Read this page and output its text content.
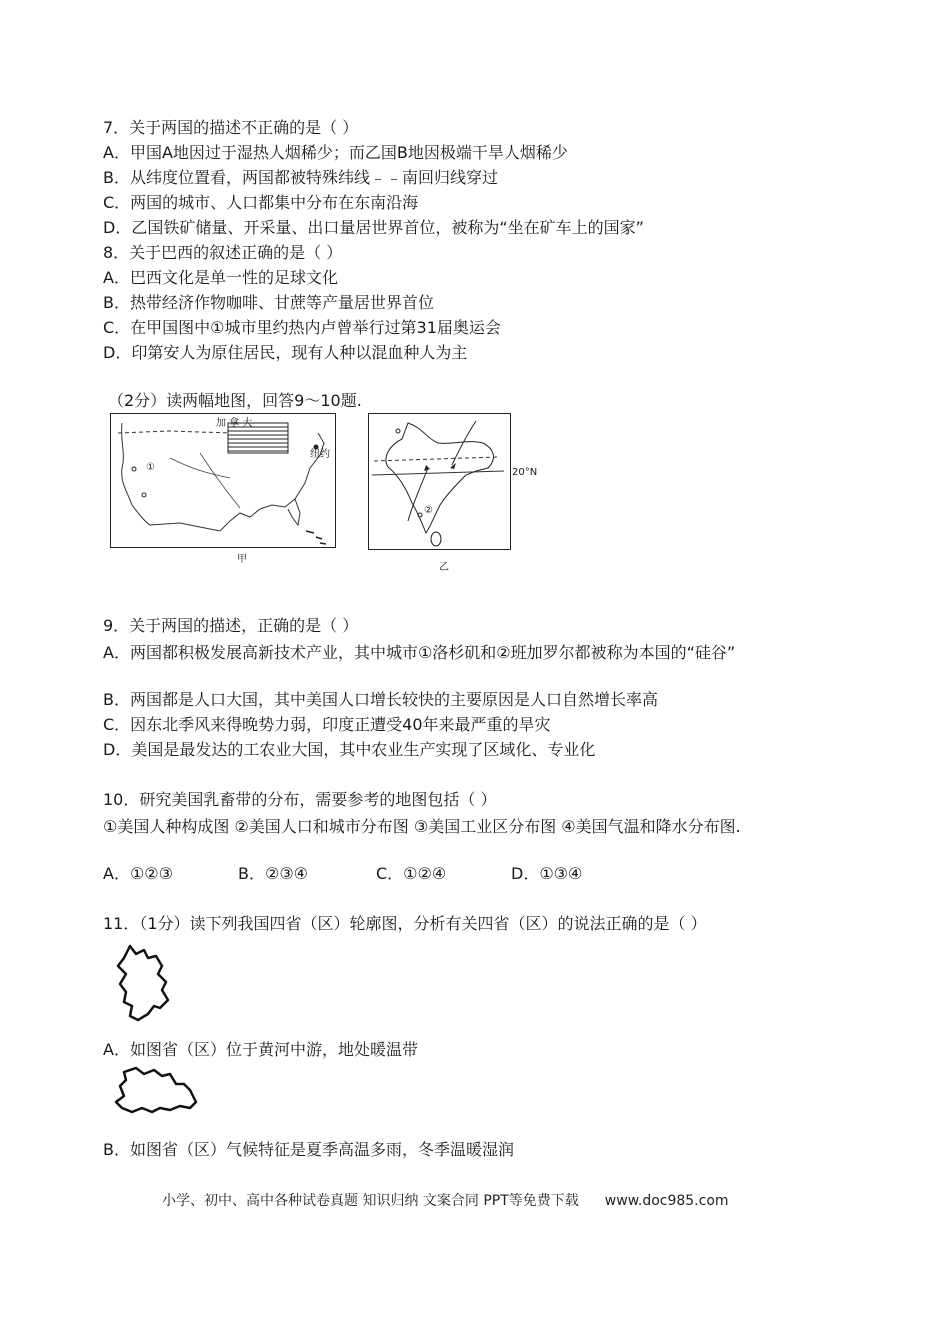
7．关于两国的描述不正确的是（ ）
A．甲国A地因过于湿热人烟稀少；而乙国B地因极端干旱人烟稀少
B．从纬度位置看，两国都被特殊纬线﹣﹣南回归线穿过
C．两国的城市、人口都集中分布在东南沿海
D．乙国铁矿储量、开采量、出口量居世界首位，被称为“坐在矿车上的国家”
8．关于巴西的叙述正确的是（ ）
A．巴西文化是单一性的足球文化
B．热带经济作物咖啡、甘蔗等产量居世界首位
C．在甲国图中①城市里约热内卢曾举行过第31届奥运会
D．印第安人为原住居民，现有人种以混血种人为主
（2分）读两幅地图，回答9～10题.
加 拿 大
纽约
①
甲
20°N
②
乙
9．关于两国的描述，正确的是（ ）
A．两国都积极发展高新技术产业，其中城市①洛杉矶和②班加罗尔都被称为本国的“硅谷”
B．两国都是人口大国，其中美国人口增长较快的主要原因是人口自然增长率高
C．因东北季风来得晚势力弱，印度正遭受40年来最严重的旱灾
D．美国是最发达的工农业大国，其中农业生产实现了区域化、专业化
10．研究美国乳畜带的分布，需要参考的地图包括（ ）
①美国人种构成图 ②美国人口和城市分布图 ③美国工业区分布图 ④美国气温和降水分布图.
A．①②③	B．②③④	C．①②④	D．①③④
11．（1分）读下列我国四省（区）轮廓图，分析有关四省（区）的说法正确的是（ ）
A．如图省（区）位于黄河中游，地处暖温带
B．如图省（区）气候特征是夏季高温多雨，冬季温暖湿润
小学、初中、高中各种试卷真题 知识归纳 文案合同 PPT等免费下载 www.doc985.com
